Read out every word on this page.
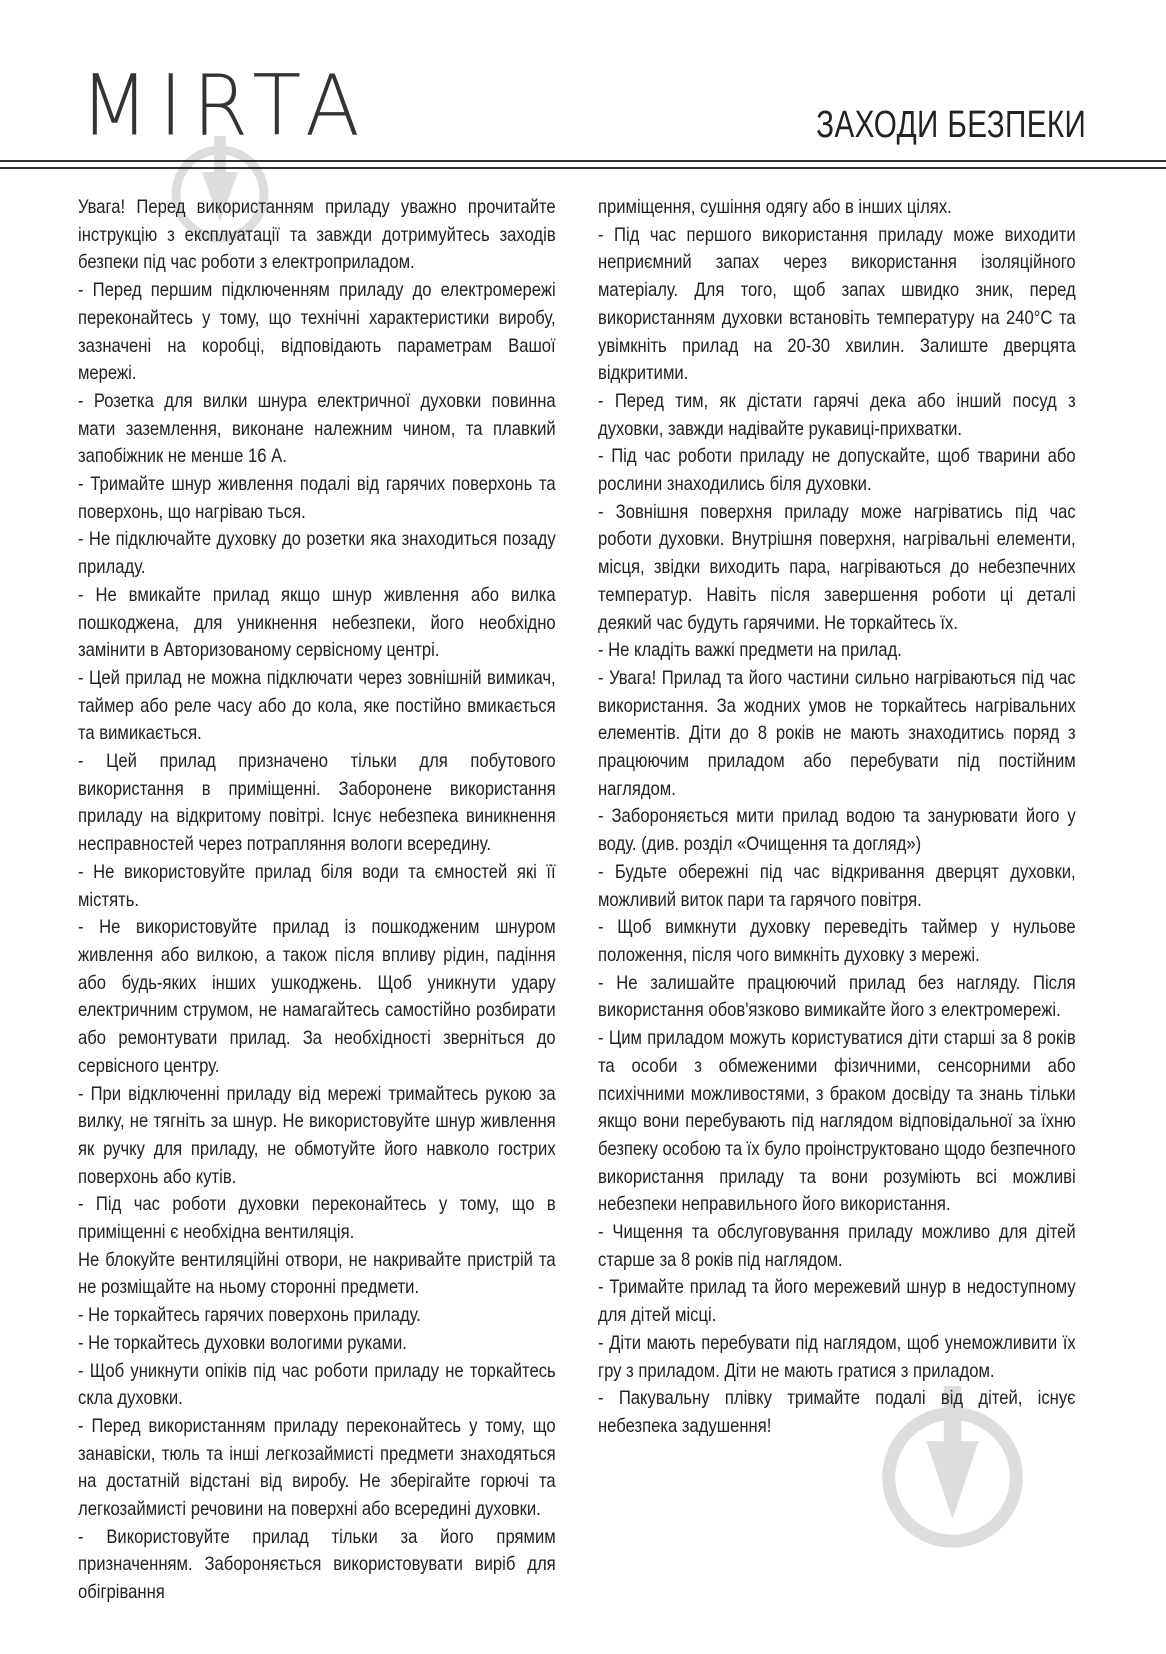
MIRTA	ЗАХОДИ БЕЗПЕКИ

Увага! Перед використанням приладу уважно прочитайте інструкцію з експлуатації та завжди дотримуйтесь заходів безпеки під час роботи з електроприладом.

- Перед першим підключенням приладу до електромережі переконайтесь у тому, що технічні характеристики виробу, зазначені на коробці, відповідають параметрам Вашої мережі.

- Розетка для вилки шнура електричної духовки повинна мати заземлення, виконане належним чином, та плавкий запобіжник не менше 16 А.

- Тримайте шнур живлення подалі від гарячих поверхонь та поверхонь, що нагріваю ться.

- Не підключайте духовку до розетки яка знаходиться позаду приладу.

- Не вмикайте прилад якщо шнур живлення або вилка пошкоджена, для уникнення небезпеки, його необхідно замінити в Авторизованому сервісному центрі.

- Цей прилад не можна підключати через зовнішній вимикач, таймер або реле часу або до кола, яке постійно вмикається та вимикається.

- Цей прилад призначено тільки для побутового використання в приміщенні. Заборонене використання приладу на відкритому повітрі. Існує небезпека виникнення несправностей через потрапляння вологи всередину.

- Не використовуйте прилад біля води та ємностей які її містять.

- Не використовуйте прилад із пошкодженим шнуром живлення або вилкою, а також після впливу рідин, падіння або будь-яких інших ушкоджень. Щоб уникнути удару електричним струмом, не намагайтесь самостійно розбирати або ремонтувати прилад. За необхідності зверніться до сервісного центру.

- При відключенні приладу від мережі тримайтесь рукою за вилку, не тягніть за шнур. Не використовуйте шнур живлення як ручку для приладу, не обмотуйте його навколо гострих поверхонь або кутів.

- Під час роботи духовки переконайтесь у тому, що в приміщенні є необхідна вентиляція.

Не блокуйте вентиляційні отвори, не накривайте пристрій та не розміщайте на ньому сторонні предмети.

- Не торкайтесь гарячих поверхонь приладу.

- Не торкайтесь духовки вологими руками.

- Щоб уникнути опіків під час роботи приладу не торкайтесь скла духовки.

- Перед використанням приладу переконайтесь у тому, що занавіски, тюль та інші легкозаймисті предмети знаходяться на достатній відстані від виробу. Не зберігайте горючі та легкозаймисті речовини на поверхні або всередині духовки.

- Використовуйте прилад тільки за його прямим призначенням. Забороняється використовувати виріб для обігрівання

приміщення, сушіння одягу або в інших цілях.

- Під час першого використання приладу може виходити неприємний запах через використання ізоляційного матеріалу. Для того, щоб запах швидко зник, перед використанням духовки встановіть температуру на 240°С та увімкніть прилад на 20-30 хвилин. Залиште дверцята відкритими.

- Перед тим, як дістати гарячі дека або інший посуд з духовки, завжди надівайте рукавиці-прихватки.

- Під час роботи приладу не допускайте, щоб тварини або рослини знаходились біля духовки.

- Зовнішня поверхня приладу може нагріватись під час роботи духовки. Внутрішня поверхня, нагрівальні елементи, місця, звідки виходить пара, нагріваються до небезпечних температур. Навіть після завершення роботи ці деталі деякий час будуть гарячими. Не торкайтесь їх.

- Не кладіть важкі предмети на прилад.

- Увага! Прилад та його частини сильно нагріваються під час використання. За жодних умов не торкайтесь нагрівальних елементів. Діти до 8 років не мають знаходитись поряд з працюючим приладом або перебувати під постійним наглядом.

- Забороняється мити прилад водою та занурювати його у воду. (див. розділ «Очищення та догляд»)

- Будьте обережні під час відкривання дверцят духовки, можливий виток пари та гарячого повітря.

- Щоб вимкнути духовку переведіть таймер у нульове положення, після чого вимкніть духовку з мережі.

- Не залишайте працюючий прилад без нагляду. Після використання обов'язково вимикайте його з електромережі.

- Цим приладом можуть користуватися діти старші за 8 років та особи з обмеженими фізичними, сенсорними або психічними можливостями, з браком досвіду та знань тільки якщо вони перебувають під наглядом відповідальної за їхню безпеку особою та їх було проінструктовано щодо безпечного використання приладу та вони розуміють всі можливі небезпеки неправильного його використання.

- Чищення та обслуговування приладу можливо для дітей старше за 8 років під наглядом.

- Тримайте прилад та його мережевий шнур в недоступному для дітей місці.

- Діти мають перебувати під наглядом, щоб унеможливити їх гру з приладом. Діти не мають гратися з приладом.

- Пакувальну плівку тримайте подалі від дітей, існує небезпека задушення!
